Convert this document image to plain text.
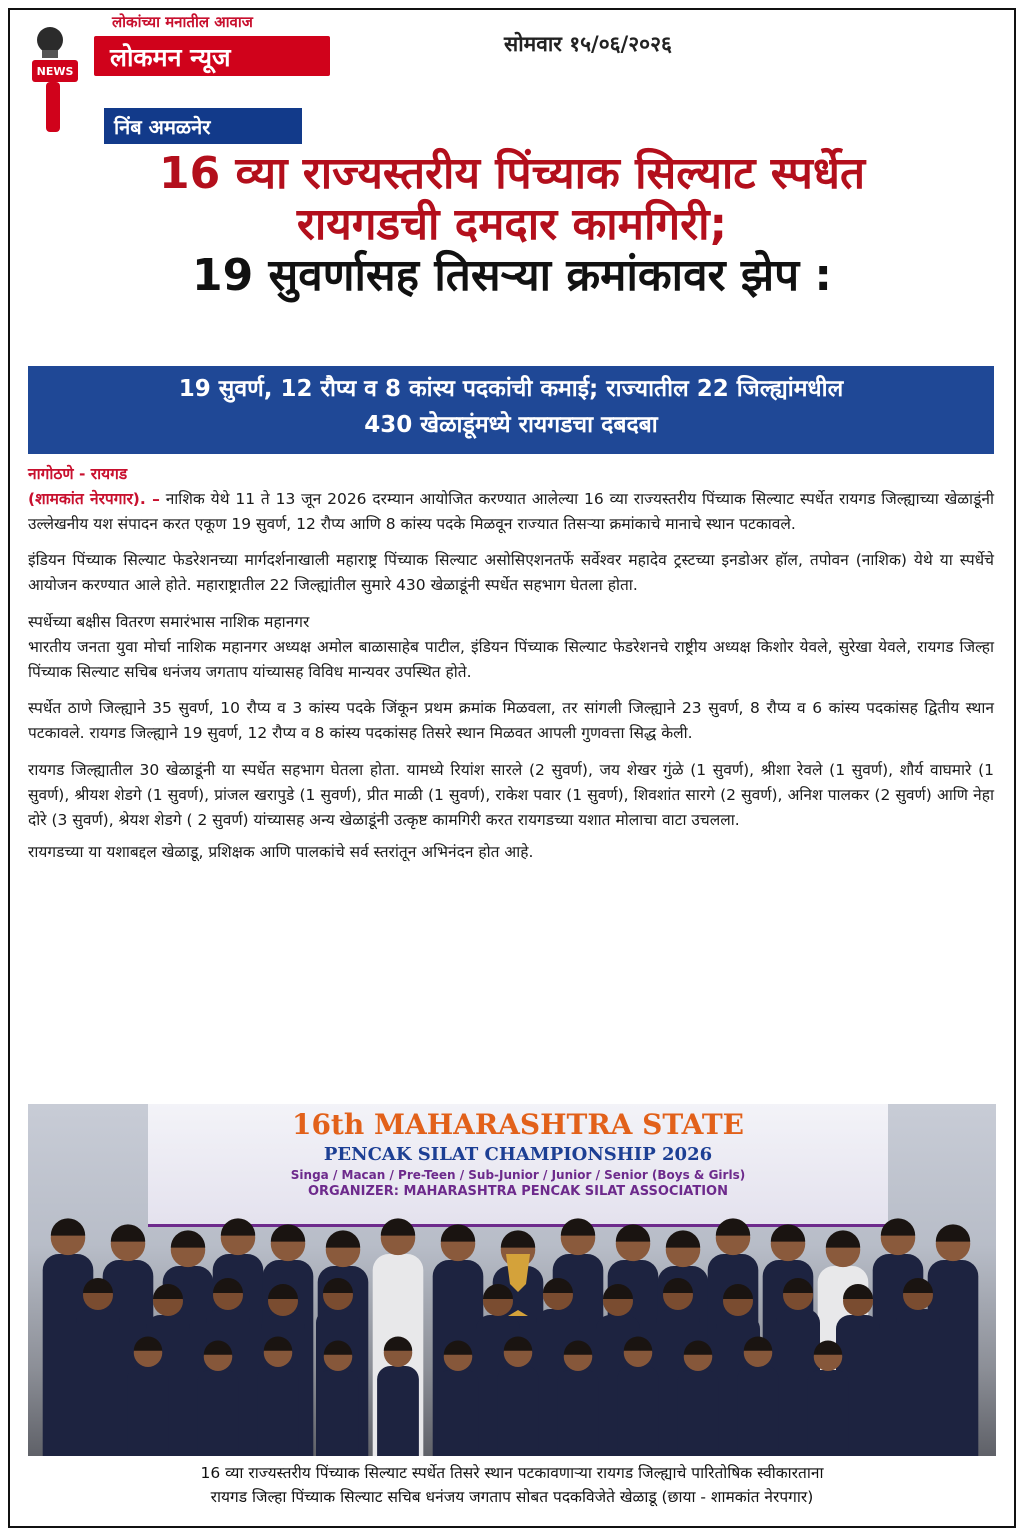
NEWS
लोकांच्या मनातील आवाज
लोकमन न्यूज
निंब अमळनेर
सोमवार १५/०६/२०२६
16 व्या राज्यस्तरीय पिंच्याक सिल्याट स्पर्धेत
रायगडची दमदार कामगिरी;
19 सुवर्णासह तिसऱ्या क्रमांकावर झेप :
19 सुवर्ण, 12 रौप्य व 8 कांस्य पदकांची कमाई; राज्यातील 22 जिल्ह्यांमधील
430 खेळाडूंमध्ये रायगडचा दबदबा

नागोठणे - रायगड
(शामकांत नेरपगार). – नाशिक येथे 11 ते 13 जून 2026 दरम्यान आयोजित करण्यात आलेल्या 16 व्या राज्यस्तरीय पिंच्याक सिल्याट स्पर्धेत रायगड जिल्ह्याच्या खेळाडूंनी उल्लेखनीय यश संपादन करत एकूण 19 सुवर्ण, 12 रौप्य आणि 8 कांस्य पदके मिळवून राज्यात तिसऱ्या क्रमांकाचे मानाचे स्थान पटकावले.

इंडियन पिंच्याक सिल्याट फेडरेशनच्या मार्गदर्शनाखाली महाराष्ट्र पिंच्याक सिल्याट असोसिएशनतर्फे सर्वेश्वर महादेव ट्रस्टच्या इनडोअर हॉल, तपोवन (नाशिक) येथे या स्पर्धेचे आयोजन करण्यात आले होते. महाराष्ट्रातील 22 जिल्ह्यांतील सुमारे 430 खेळाडूंनी स्पर्धेत सहभाग घेतला होता.

स्पर्धेच्या बक्षीस वितरण समारंभास नाशिक महानगर
भारतीय जनता युवा मोर्चा नाशिक महानगर अध्यक्ष अमोल बाळासाहेब पाटील, इंडियन पिंच्याक सिल्याट फेडरेशनचे राष्ट्रीय अध्यक्ष किशोर येवले, सुरेखा येवले, रायगड जिल्हा पिंच्याक सिल्याट सचिब धनंजय जगताप यांच्यासह विविध मान्यवर उपस्थित होते.

स्पर्धेत ठाणे जिल्ह्याने 35 सुवर्ण, 10 रौप्य व 3 कांस्य पदके जिंकून प्रथम क्रमांक मिळवला, तर सांगली जिल्ह्याने 23 सुवर्ण, 8 रौप्य व 6 कांस्य पदकांसह द्वितीय स्थान पटकावले. रायगड जिल्ह्याने 19 सुवर्ण, 12 रौप्य व 8 कांस्य पदकांसह तिसरे स्थान मिळवत आपली गुणवत्ता सिद्ध केली.

रायगड जिल्ह्यातील 30 खेळाडूंनी या स्पर्धेत सहभाग घेतला होता. यामध्ये रियांश सारले (2 सुवर्ण), जय शेखर गुंळे (1 सुवर्ण), श्रीशा रेवले (1 सुवर्ण), शौर्य वाघमारे (1 सुवर्ण), श्रीयश शेडगे (1 सुवर्ण), प्रांजल खरापुडे (1 सुवर्ण), प्रीत माळी (1 सुवर्ण), राकेश पवार (1 सुवर्ण), शिवशांत सारगे (2 सुवर्ण), अनिश पालकर (2 सुवर्ण) आणि नेहा दोरे (3 सुवर्ण), श्रेयश शेडगे ( 2 सुवर्ण) यांच्यासह अन्य खेळाडूंनी उत्कृष्ट कामगिरी करत रायगडच्या यशात मोलाचा वाटा उचलला.

रायगडच्या या यशाबद्दल खेळाडू, प्रशिक्षक आणि पालकांचे सर्व स्तरांतून अभिनंदन होत आहे.

16th MAHARASHTRA STATE
PENCAK SILAT CHAMPIONSHIP 2026
Singa / Macan / Pre-Teen / Sub-Junior / Junior / Senior (Boys & Girls)
ORGANIZER: MAHARASHTRA PENCAK SILAT ASSOCIATION
16 व्या राज्यस्तरीय पिंच्याक सिल्याट स्पर्धेत तिसरे स्थान पटकावणाऱ्या रायगड जिल्ह्याचे पारितोषिक स्वीकारताना
रायगड जिल्हा पिंच्याक सिल्याट सचिब धनंजय जगताप सोबत पदकविजेते खेळाडू (छाया - शामकांत नेरपगार)
